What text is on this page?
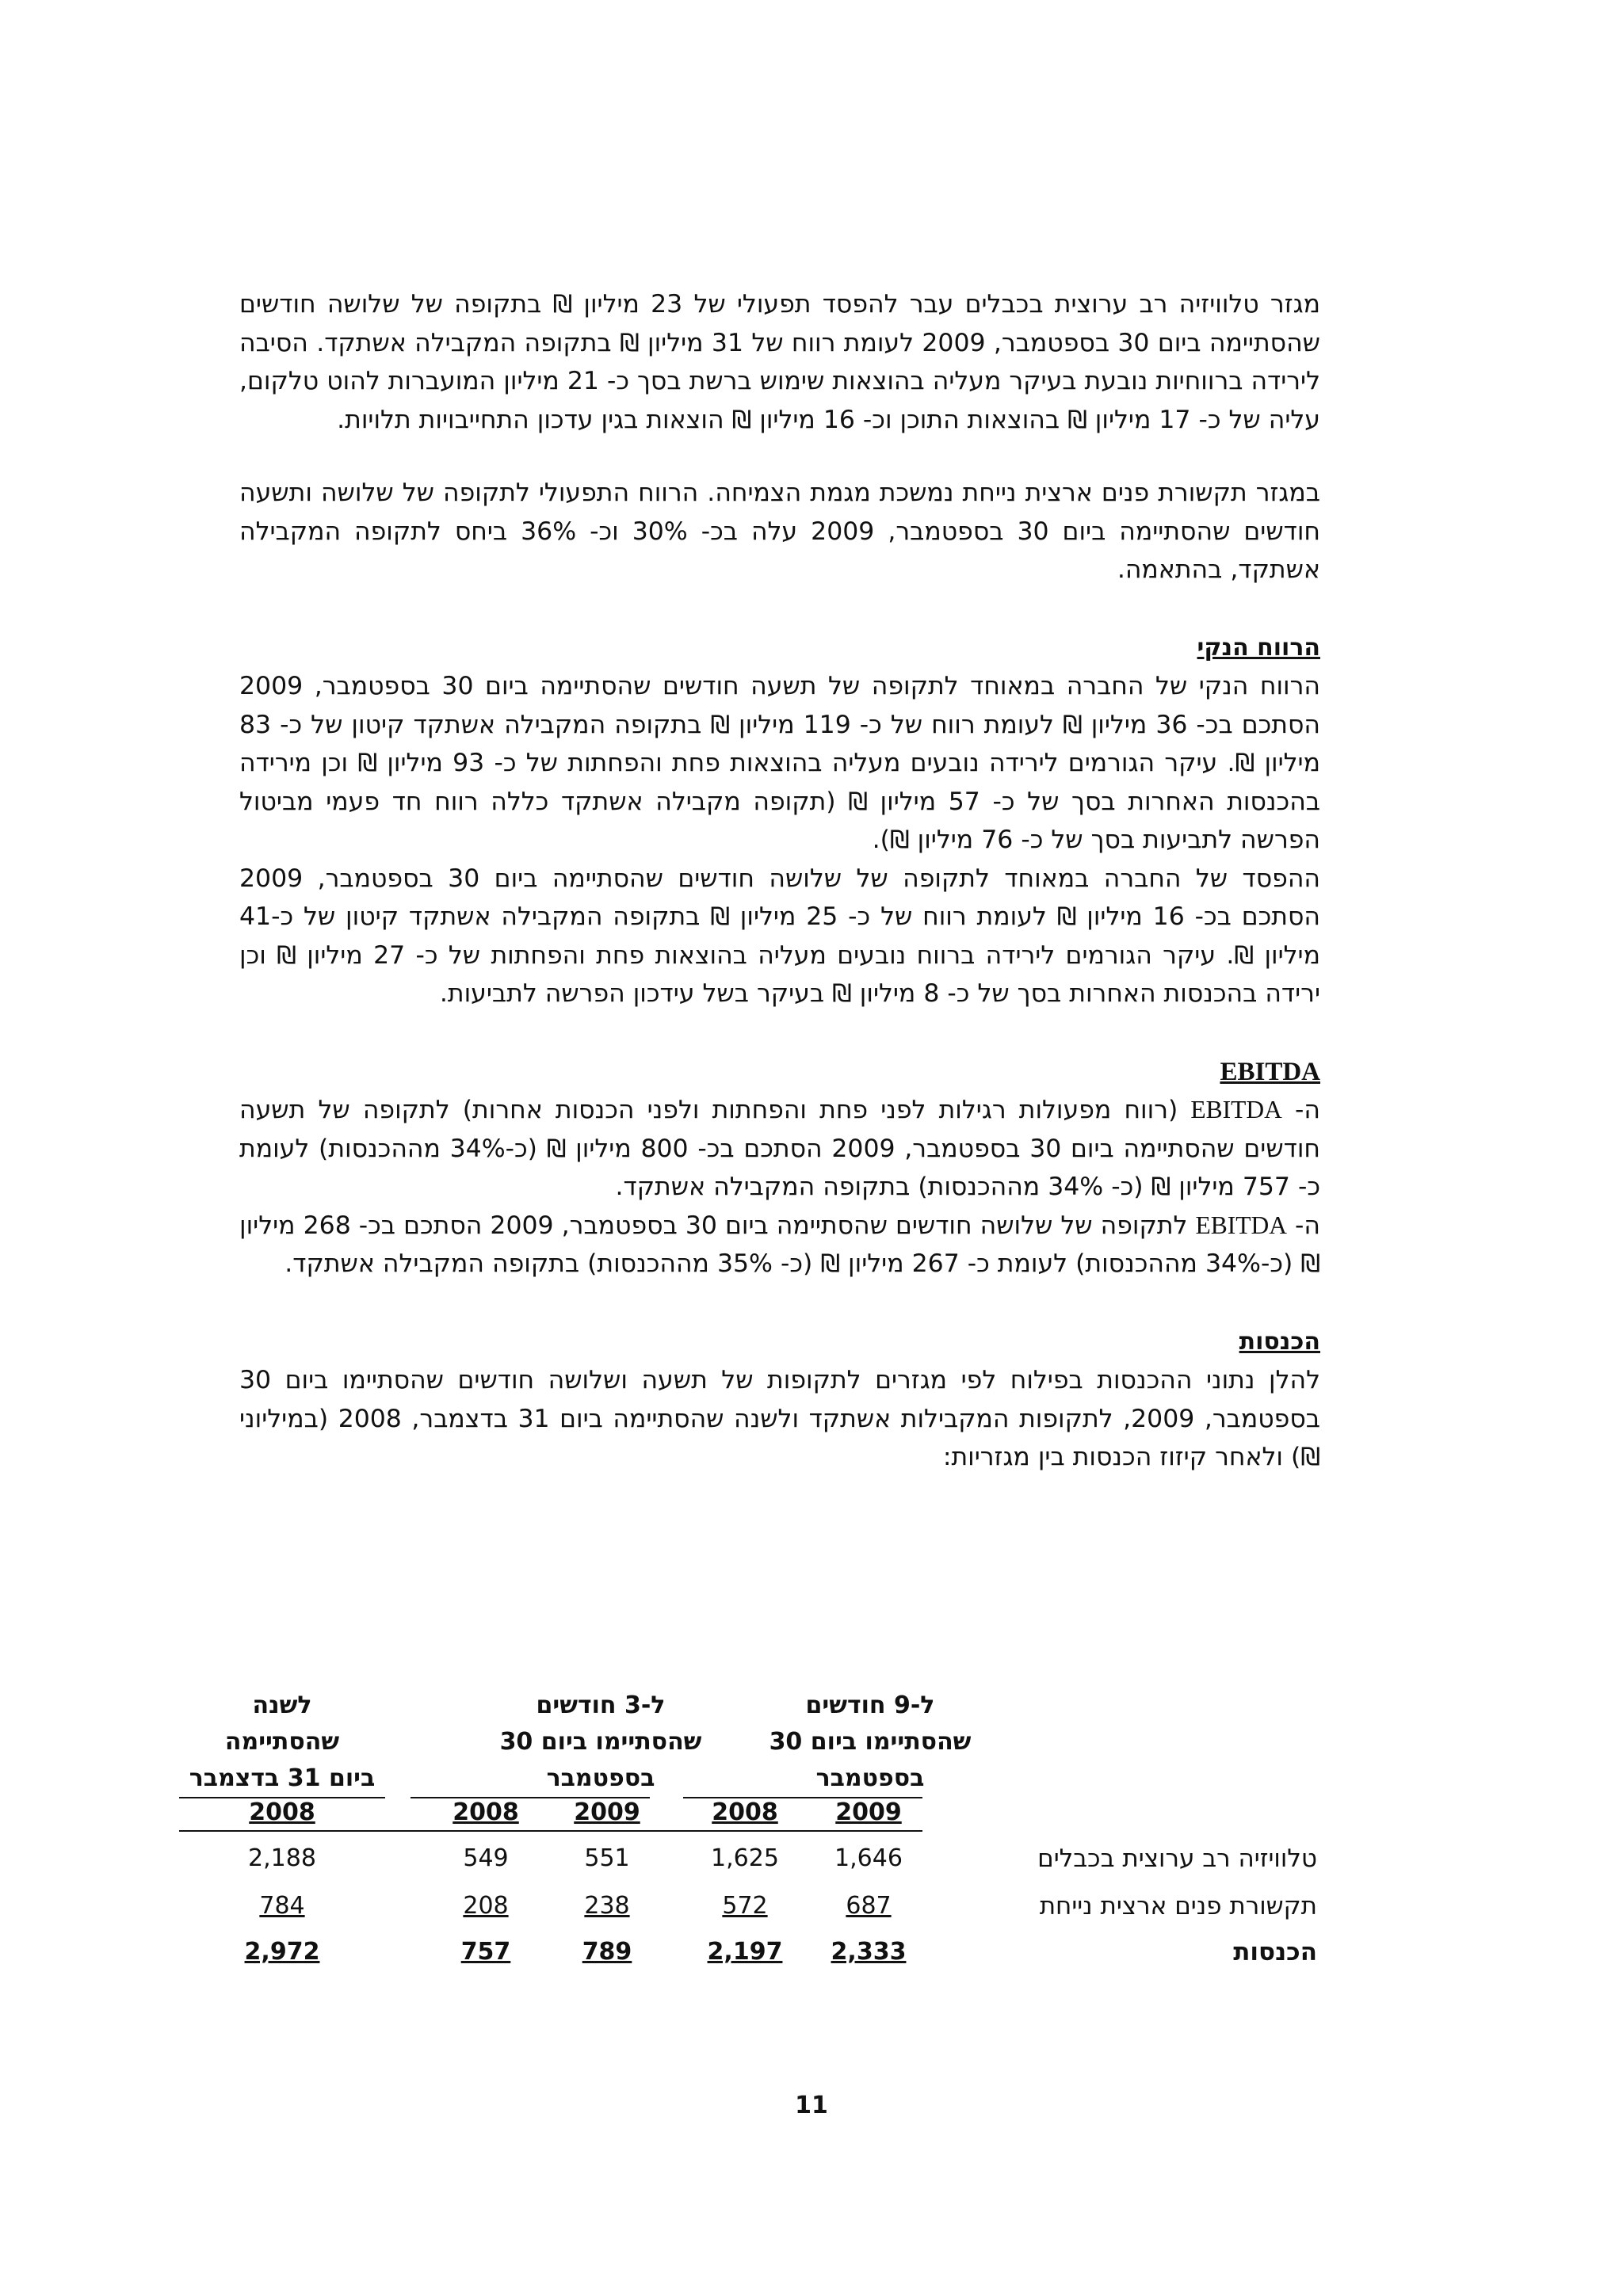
מגזר טלוויזיה רב ערוצית בכבלים עבר להפסד תפעולי של 23 מיליון ₪ בתקופה של שלושה חודשים שהסתיימה ביום 30 בספטמבר, 2009 לעומת רווח של 31 מיליון ₪ בתקופה המקבילה אשתקד. הסיבה לירידה ברווחיות נובעת בעיקר מעליה בהוצאות שימוש ברשת בסך כ- 21 מיליון המועברות להוט טלקום, עליה של כ- 17 מיליון ₪ בהוצאות התוכן וכ- 16 מיליון ₪ הוצאות בגין עדכון התחייבויות תלויות.

במגזר תקשורת פנים ארצית נייחת נמשכת מגמת הצמיחה. הרווח התפעולי לתקופה של שלושה ותשעה חודשים שהסתיימה ביום 30 בספטמבר, 2009 עלה בכ- 30% וכ- 36% ביחס לתקופה המקבילה אשתקד, בהתאמה.

הרווח הנקי

הרווח הנקי של החברה במאוחד לתקופה של תשעה חודשים שהסתיימה ביום 30 בספטמבר, 2009 הסתכם בכ- 36 מיליון ₪ לעומת רווח של כ- 119 מיליון ₪ בתקופה המקבילה אשתקד קיטון של כ- 83 מיליון ₪. עיקר הגורמים לירידה נובעים מעליה בהוצאות פחת והפחתות של כ- 93 מיליון ₪ וכן מירידה בהכנסות האחרות בסך של כ- 57 מיליון ₪ (תקופה מקבילה אשתקד כללה רווח חד פעמי מביטול הפרשה לתביעות בסך של כ- 76 מיליון ₪).

ההפסד של החברה במאוחד לתקופה של שלושה חודשים שהסתיימה ביום 30 בספטמבר, 2009 הסתכם בכ- 16 מיליון ₪ לעומת רווח של כ- 25 מיליון ₪ בתקופה המקבילה אשתקד קיטון של כ-41 מיליון ₪. עיקר הגורמים לירידה ברווח נובעים מעליה בהוצאות פחת והפחתות של כ- 27 מיליון ₪ וכן ירידה בהכנסות האחרות בסך של כ- 8 מיליון ₪ בעיקר בשל עידכון הפרשה לתביעות.

EBITDA

ה- EBITDA (רווח מפעולות רגילות לפני פחת והפחתות ולפני הכנסות אחרות) לתקופה של תשעה חודשים שהסתיימה ביום 30 בספטמבר, 2009 הסתכם בכ- 800 מיליון ₪ (כ-34% מההכנסות) לעומת כ- 757 מיליון ₪ (כ- 34% מההכנסות) בתקופה המקבילה אשתקד.

ה- EBITDA לתקופה של שלושה חודשים שהסתיימה ביום 30 בספטמבר, 2009 הסתכם בכ- 268 מיליון ₪ (כ-34% מההכנסות) לעומת כ- 267 מיליון ₪ (כ- 35% מההכנסות) בתקופה המקבילה אשתקד.

הכנסות

להלן נתוני ההכנסות בפילוח לפי מגזרים לתקופות של תשעה ושלושה חודשים שהסתיימו ביום 30 בספטמבר, 2009, לתקופות המקבילות אשתקד ולשנה שהסתיימה ביום 31 בדצמבר, 2008 (במיליוני ₪) ולאחר קיזוז הכנסות בין מגזריות:

ל-9 חודשים
שהסתיימו ביום 30
בספטמבר
ל-3 חודשים
שהסתיימו ביום 30
בספטמבר
לשנה
שהסתיימה
ביום 31 בדצמבר
2009
2008
2009
2008
2008
טלוויזיה רב ערוצית בכבלים
1,646
1,625
551
549
2,188
תקשורת פנים ארצית נייחת
687
572
238
208
784
הכנסות
2,333
2,197
789
757
2,972
11
